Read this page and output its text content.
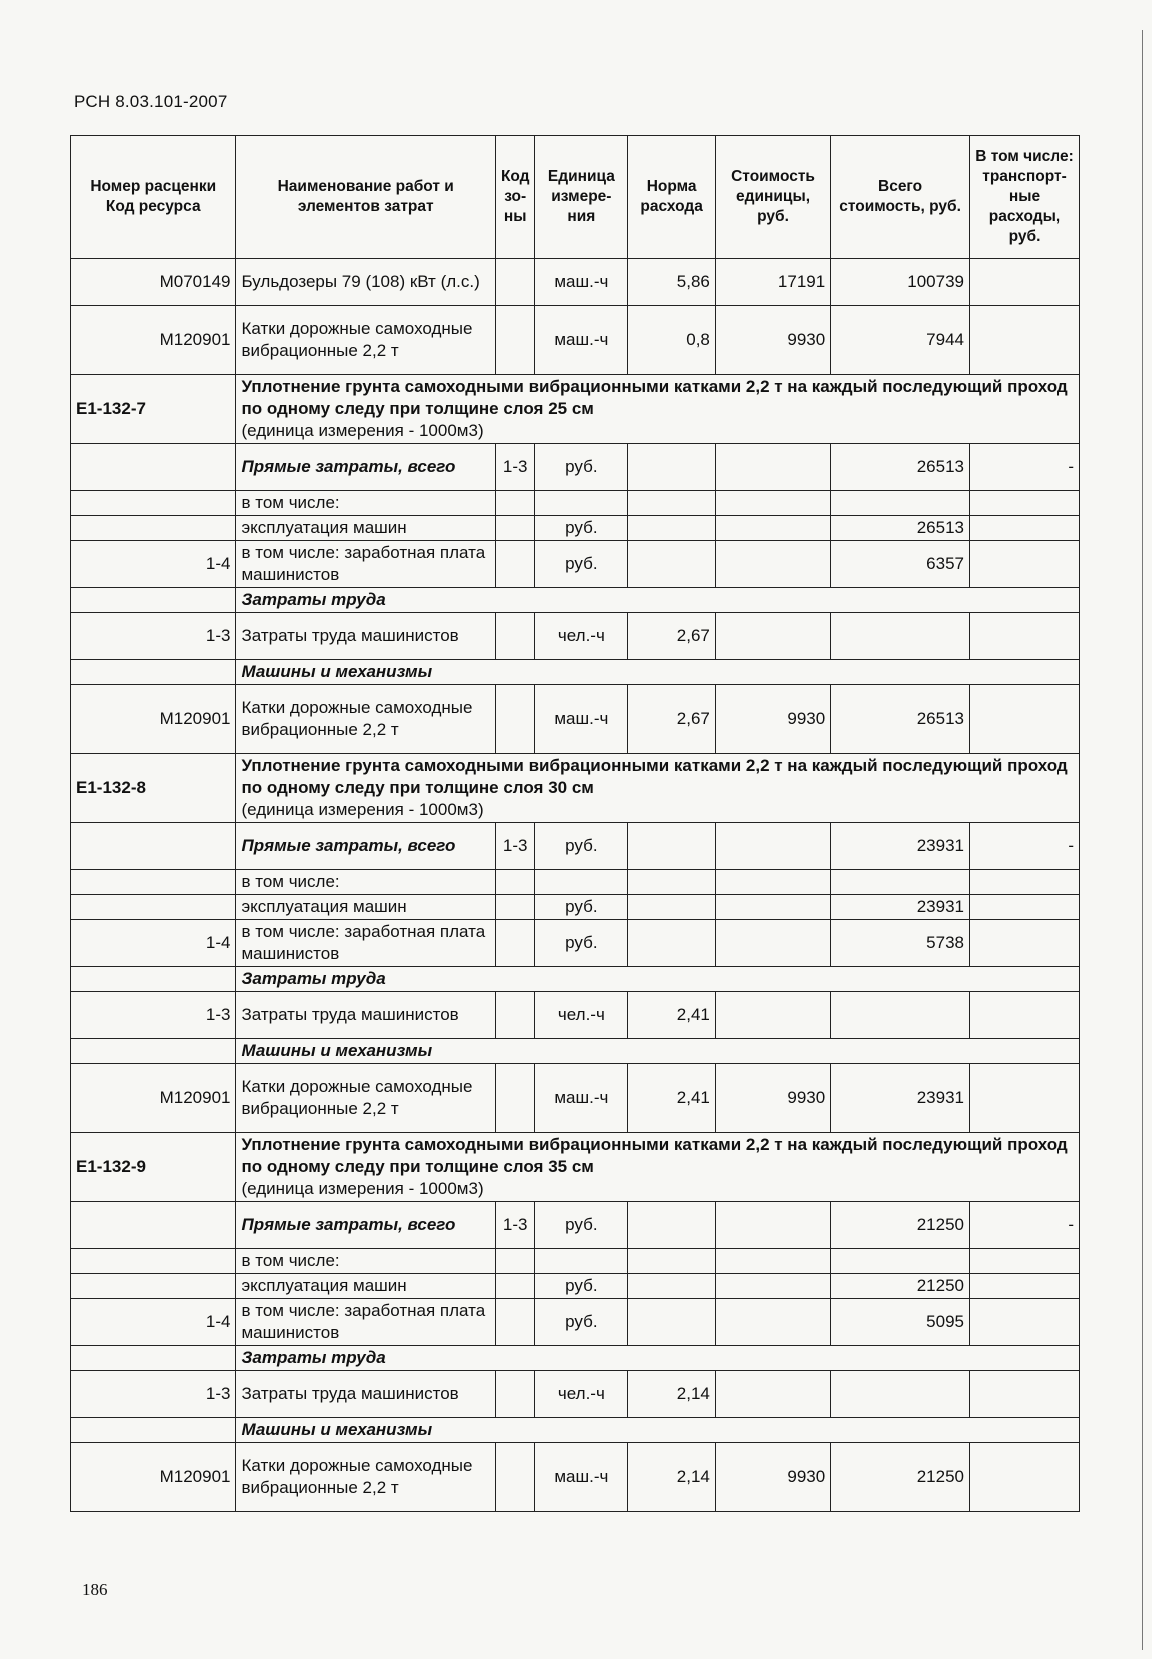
РСН 8.03.101-2007
Номер расценки Код ресурса	Наименование работ и элементов затрат	Код зо- ны	Единица измере- ния	Норма расхода	Стоимость единицы, руб.	Всего стоимость, руб.	В том числе: транспорт- ные расходы, руб.
М070149	Бульдозеры 79 (108) кВт (л.с.)		маш.-ч	5,86	17191	100739	
М120901	Катки дорожные самоходные вибрационные 2,2 т		маш.-ч	0,8	9930	7944	
Е1-132-7	Уплотнение грунта самоходными вибрационными катками 2,2 т на каждый последующий проход по одному следу при толщине слоя 25 см
(единица измерения - 1000м3)						

	Прямые затраты, всего	1-3	руб.			26513	-
	в том числе:						
	эксплуатация машин		руб.			26513	
1-4	в том числе: заработная плата машинистов		руб.			6357	
	Затраты труда						
1-3	Затраты труда машинистов		чел.-ч	2,67			
	Машины и механизмы						
М120901	Катки дорожные самоходные вибрационные 2,2 т		маш.-ч	2,67	9930	26513	
Е1-132-8	Уплотнение грунта самоходными вибрационными катками 2,2 т на каждый последующий проход по одному следу при толщине слоя 30 см
(единица измерения - 1000м3)						

	Прямые затраты, всего	1-3	руб.			23931	-
	в том числе:						
	эксплуатация машин		руб.			23931	
1-4	в том числе: заработная плата машинистов		руб.			5738	
	Затраты труда						
1-3	Затраты труда машинистов		чел.-ч	2,41			
	Машины и механизмы						
М120901	Катки дорожные самоходные вибрационные 2,2 т		маш.-ч	2,41	9930	23931	
Е1-132-9	Уплотнение грунта самоходными вибрационными катками 2,2 т на каждый последующий проход по одному следу при толщине слоя 35 см
(единица измерения - 1000м3)						

	Прямые затраты, всего	1-3	руб.			21250	-
	в том числе:						
	эксплуатация машин		руб.			21250	
1-4	в том числе: заработная плата машинистов		руб.			5095	
	Затраты труда						
1-3	Затраты труда машинистов		чел.-ч	2,14			
	Машины и механизмы						
М120901	Катки дорожные самоходные вибрационные 2,2 т		маш.-ч	2,14	9930	21250	
186
